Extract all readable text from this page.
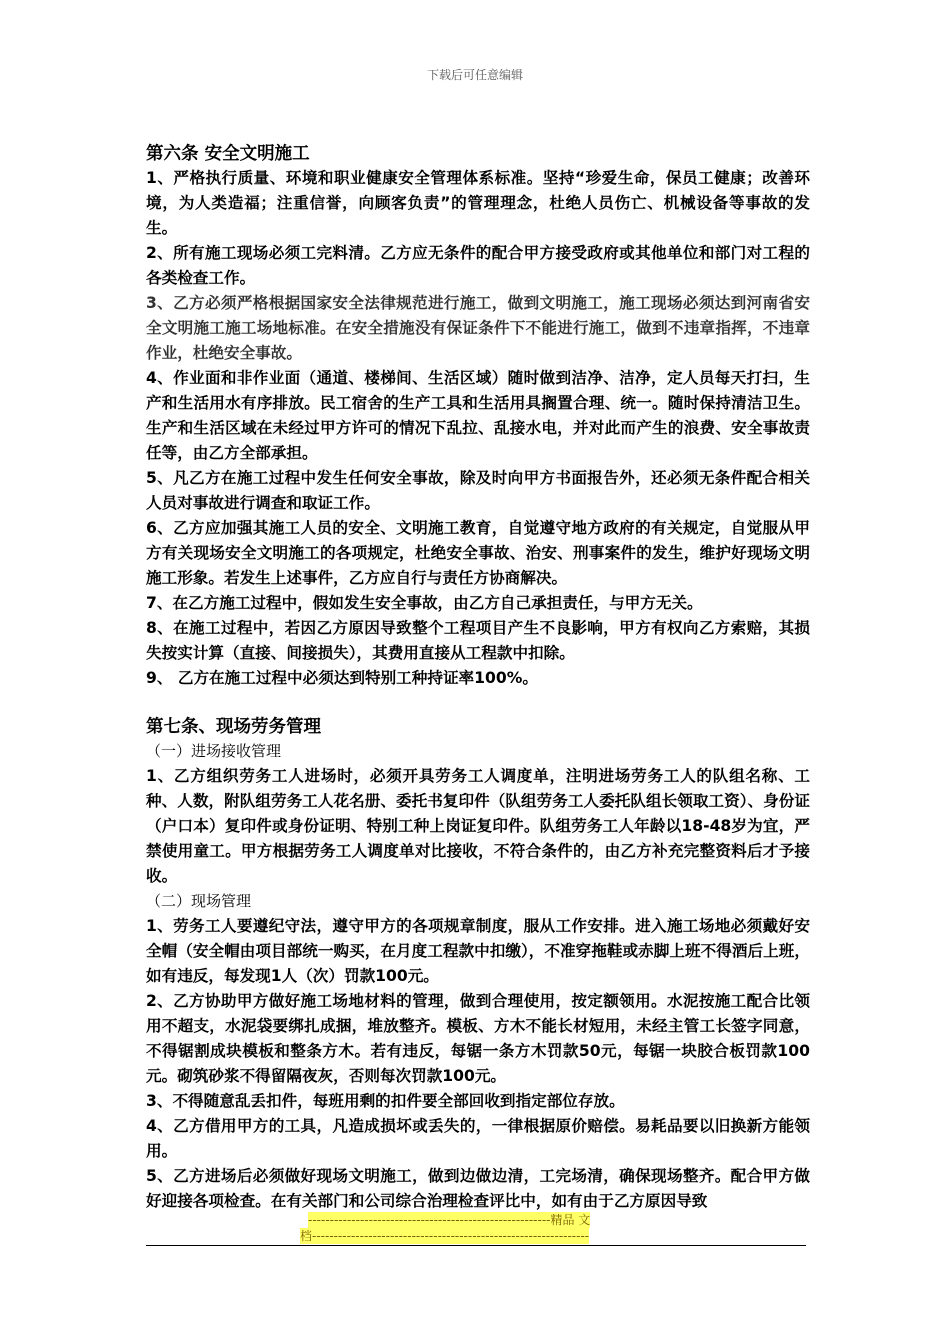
下载后可任意编辑

第六条 安全文明施工

1、严格执行质量、环境和职业健康安全管理体系标准。坚持“珍爱生命，保员工健康；改善环境，为人类造福；注重信誉，向顾客负责”的管理理念，杜绝人员伤亡、机械设备等事故的发生。

2、所有施工现场必须工完料清。乙方应无条件的配合甲方接受政府或其他单位和部门对工程的各类检查工作。

3、乙方必须严格根据国家安全法律规范进行施工，做到文明施工，施工现场必须达到河南省安全文明施工施工场地标准。在安全措施没有保证条件下不能进行施工，做到不违章指挥，不违章作业，杜绝安全事故。

4、作业面和非作业面（通道、楼梯间、生活区域）随时做到洁净、洁净，定人员每天打扫，生产和生活用水有序排放。民工宿舍的生产工具和生活用具搁置合理、统一。随时保持清洁卫生。生产和生活区域在未经过甲方许可的情况下乱拉、乱接水电，并对此而产生的浪费、安全事故责任等，由乙方全部承担。

5、凡乙方在施工过程中发生任何安全事故，除及时向甲方书面报告外，还必须无条件配合相关人员对事故进行调查和取证工作。

6、乙方应加强其施工人员的安全、文明施工教育，自觉遵守地方政府的有关规定，自觉服从甲方有关现场安全文明施工的各项规定，杜绝安全事故、治安、刑事案件的发生，维护好现场文明施工形象。若发生上述事件，乙方应自行与责任方协商解决。

7、在乙方施工过程中，假如发生安全事故，由乙方自己承担责任，与甲方无关。

8、在施工过程中，若因乙方原因导致整个工程项目产生不良影响，甲方有权向乙方索赔，其损失按实计算（直接、间接损失），其费用直接从工程款中扣除。

9、 乙方在施工过程中必须达到特别工种持证率100%。

第七条、现场劳务管理

（一）进场接收管理

1、乙方组织劳务工人进场时，必须开具劳务工人调度单，注明进场劳务工人的队组名称、工种、人数，附队组劳务工人花名册、委托书复印件（队组劳务工人委托队组长领取工资）、身份证（户口本）复印件或身份证明、特别工种上岗证复印件。队组劳务工人年龄以18-48岁为宜，严禁使用童工。甲方根据劳务工人调度单对比接收，不符合条件的，由乙方补充完整资料后才予接收。

（二）现场管理

1、劳务工人要遵纪守法，遵守甲方的各项规章制度，服从工作安排。进入施工场地必须戴好安全帽（安全帽由项目部统一购买，在月度工程款中扣缴），不准穿拖鞋或赤脚上班不得酒后上班，如有违反，每发现1人（次）罚款100元。

2、乙方协助甲方做好施工场地材料的管理，做到合理使用，按定额领用。水泥按施工配合比领用不超支，水泥袋要绑扎成捆，堆放整齐。模板、方木不能长材短用，未经主管工长签字同意，不得锯割成块模板和整条方木。若有违反，每锯一条方木罚款50元，每锯一块胶合板罚款100元。砌筑砂浆不得留隔夜灰，否则每次罚款100元。

3、不得随意乱丢扣件，每班用剩的扣件要全部回收到指定部位存放。

4、乙方借用甲方的工具，凡造成损坏或丢失的，一律根据原价赔偿。易耗品要以旧换新方能领用。

5、乙方进场后必须做好现场文明施工，做到边做边清，工完场清，确保现场整齐。配合甲方做好迎接各项检查。在有关部门和公司综合治理检查评比中，如有由于乙方原因导致

--------------------------------------------------------精品 文
档----------------------------------------------------------------
